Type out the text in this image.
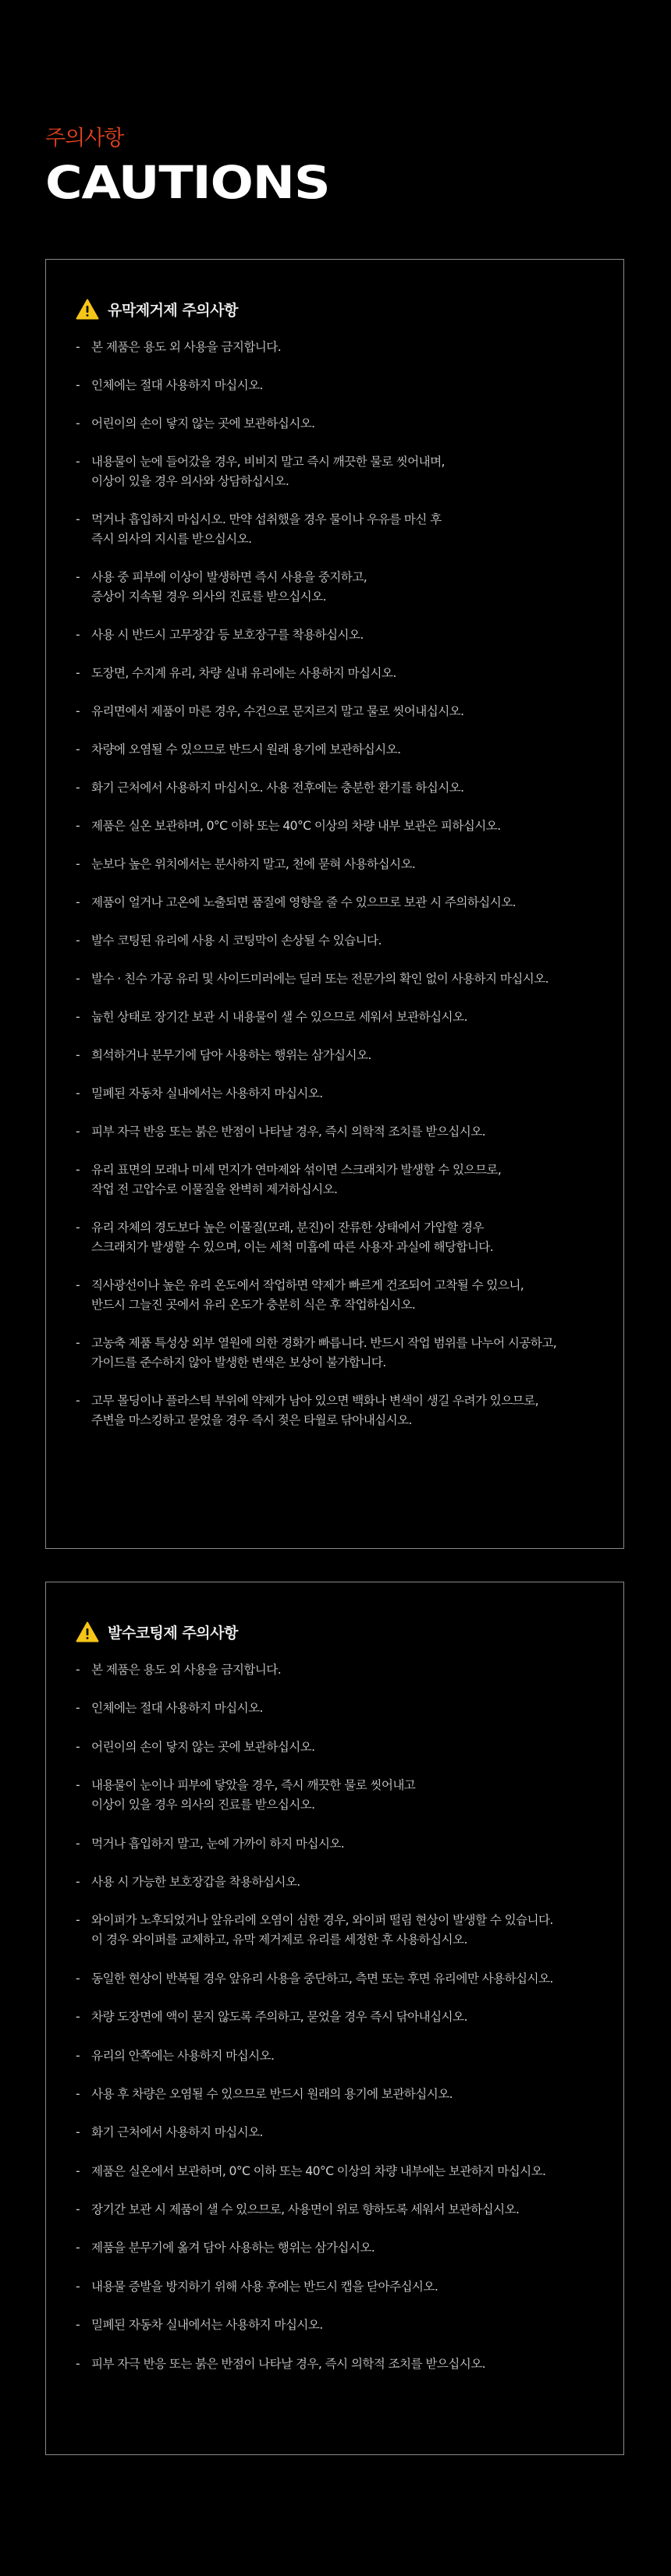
주의사항
CAUTIONS
유막제거제 주의사항
- 본 제품은 용도 외 사용을 금지합니다.
- 인체에는 절대 사용하지 마십시오.
- 어린이의 손이 닿지 않는 곳에 보관하십시오.
- 내용물이 눈에 들어갔을 경우, 비비지 말고 즉시 깨끗한 물로 씻어내며,
이상이 있을 경우 의사와 상담하십시오.
- 먹거나 흡입하지 마십시오. 만약 섭취했을 경우 물이나 우유를 마신 후
즉시 의사의 지시를 받으십시오.
- 사용 중 피부에 이상이 발생하면 즉시 사용을 중지하고,
증상이 지속될 경우 의사의 진료를 받으십시오.
- 사용 시 반드시 고무장갑 등 보호장구를 착용하십시오.
- 도장면, 수지계 유리, 차량 실내 유리에는 사용하지 마십시오.
- 유리면에서 제품이 마른 경우, 수건으로 문지르지 말고 물로 씻어내십시오.
- 차량에 오염될 수 있으므로 반드시 원래 용기에 보관하십시오.
- 화기 근처에서 사용하지 마십시오. 사용 전후에는 충분한 환기를 하십시오.
- 제품은 실온 보관하며, 0°C 이하 또는 40°C 이상의 차량 내부 보관은 피하십시오.
- 눈보다 높은 위치에서는 분사하지 말고, 천에 묻혀 사용하십시오.
- 제품이 얼거나 고온에 노출되면 품질에 영향을 줄 수 있으므로 보관 시 주의하십시오.
- 발수 코팅된 유리에 사용 시 코팅막이 손상될 수 있습니다.
- 발수 · 친수 가공 유리 및 사이드미러에는 딜러 또는 전문가의 확인 없이 사용하지 마십시오.
- 눕힌 상태로 장기간 보관 시 내용물이 샐 수 있으므로 세워서 보관하십시오.
- 희석하거나 분무기에 담아 사용하는 행위는 삼가십시오.
- 밀폐된 자동차 실내에서는 사용하지 마십시오.
- 피부 자극 반응 또는 붉은 반점이 나타날 경우, 즉시 의학적 조치를 받으십시오.
- 유리 표면의 모래나 미세 먼지가 연마제와 섞이면 스크래치가 발생할 수 있으므로,
작업 전 고압수로 이물질을 완벽히 제거하십시오.
- 유리 자체의 경도보다 높은 이물질(모래, 분진)이 잔류한 상태에서 가압할 경우
스크래치가 발생할 수 있으며, 이는 세척 미흡에 따른 사용자 과실에 해당합니다.
- 직사광선이나 높은 유리 온도에서 작업하면 약제가 빠르게 건조되어 고착될 수 있으니,
반드시 그늘진 곳에서 유리 온도가 충분히 식은 후 작업하십시오.
- 고농축 제품 특성상 외부 열원에 의한 경화가 빠릅니다. 반드시 작업 범위를 나누어 시공하고,
가이드를 준수하지 않아 발생한 변색은 보상이 불가합니다.
- 고무 몰딩이나 플라스틱 부위에 약제가 남아 있으면 백화나 변색이 생길 우려가 있으므로,
주변을 마스킹하고 묻었을 경우 즉시 젖은 타월로 닦아내십시오.
발수코팅제 주의사항
- 본 제품은 용도 외 사용을 금지합니다.
- 인체에는 절대 사용하지 마십시오.
- 어린이의 손이 닿지 않는 곳에 보관하십시오.
- 내용물이 눈이나 피부에 닿았을 경우, 즉시 깨끗한 물로 씻어내고
이상이 있을 경우 의사의 진료를 받으십시오.
- 먹거나 흡입하지 말고, 눈에 가까이 하지 마십시오.
- 사용 시 가능한 보호장갑을 착용하십시오.
- 와이퍼가 노후되었거나 앞유리에 오염이 심한 경우, 와이퍼 떨림 현상이 발생할 수 있습니다.
이 경우 와이퍼를 교체하고, 유막 제거제로 유리를 세정한 후 사용하십시오.
- 동일한 현상이 반복될 경우 앞유리 사용을 중단하고, 측면 또는 후면 유리에만 사용하십시오.
- 차량 도장면에 액이 묻지 않도록 주의하고, 묻었을 경우 즉시 닦아내십시오.
- 유리의 안쪽에는 사용하지 마십시오.
- 사용 후 차량은 오염될 수 있으므로 반드시 원래의 용기에 보관하십시오.
- 화기 근처에서 사용하지 마십시오.
- 제품은 실온에서 보관하며, 0°C 이하 또는 40°C 이상의 차량 내부에는 보관하지 마십시오.
- 장기간 보관 시 제품이 샐 수 있으므로, 사용면이 위로 향하도록 세워서 보관하십시오.
- 제품을 분무기에 옮겨 담아 사용하는 행위는 삼가십시오.
- 내용물 증발을 방지하기 위해 사용 후에는 반드시 캡을 닫아주십시오.
- 밀폐된 자동차 실내에서는 사용하지 마십시오.
- 피부 자극 반응 또는 붉은 반점이 나타날 경우, 즉시 의학적 조치를 받으십시오.
